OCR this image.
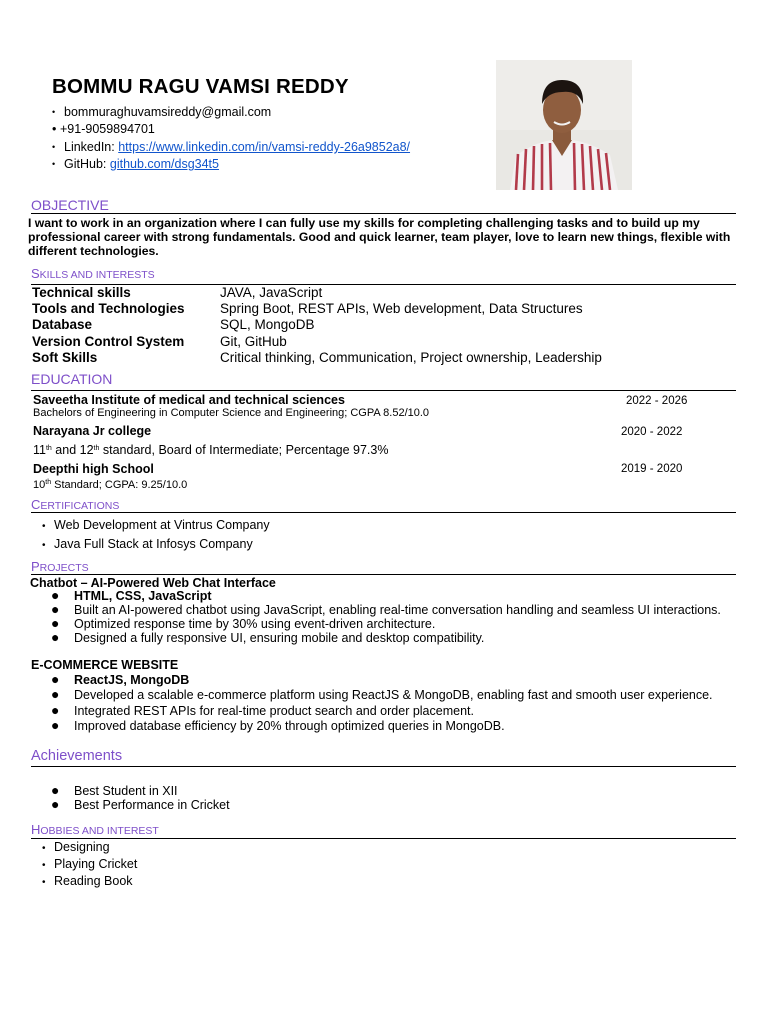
BOMMU RAGU VAMSI REDDY
• bommuraghuvamsireddy@gmail.com
• +91-9059894701
• LinkedIn: https://www.linkedin.com/in/vamsi-reddy-26a9852a8/
• GitHub: github.com/dsg34t5
OBJECTIVE
I want to work in an organization where I can fully use my skills for completing challenging tasks and to build up my professional career with strong fundamentals. Good and quick learner, team player, love to learn new things, flexible with different technologies.
SKILLS AND INTERESTS
Technical skills	JAVA, JavaScript
Tools and Technologies	Spring Boot, REST APIs, Web development, Data Structures
Database	SQL, MongoDB
Version Control System	Git, GitHub
Soft Skills	Critical thinking, Communication, Project ownership, Leadership
EDUCATION
Saveetha Institute of medical and technical sciences	2022 - 2026
Bachelors of Engineering in Computer Science and Engineering; CGPA 8.52/10.0
Narayana Jr college	2020 - 2022
11th and 12th standard, Board of Intermediate; Percentage 97.3%
Deepthi high School	2019 - 2020
10th Standard; CGPA: 9.25/10.0
CERTIFICATIONS
• Web Development at Vintrus Company
• Java Full Stack at Infosys Company
PROJECTS
Chatbot – AI-Powered Web Chat Interface
● HTML, CSS, JavaScript
● Built an AI-powered chatbot using JavaScript, enabling real-time conversation handling and seamless UI interactions.
● Optimized response time by 30% using event-driven architecture.
● Designed a fully responsive UI, ensuring mobile and desktop compatibility.
E-COMMERCE WEBSITE
● ReactJS, MongoDB
● Developed a scalable e-commerce platform using ReactJS & MongoDB, enabling fast and smooth user experience.
● Integrated REST APIs for real-time product search and order placement.
● Improved database efficiency by 20% through optimized queries in MongoDB.
Achievements
● Best Student in XII
● Best Performance in Cricket
HOBBIES AND INTEREST
• Designing
• Playing Cricket
• Reading Book
